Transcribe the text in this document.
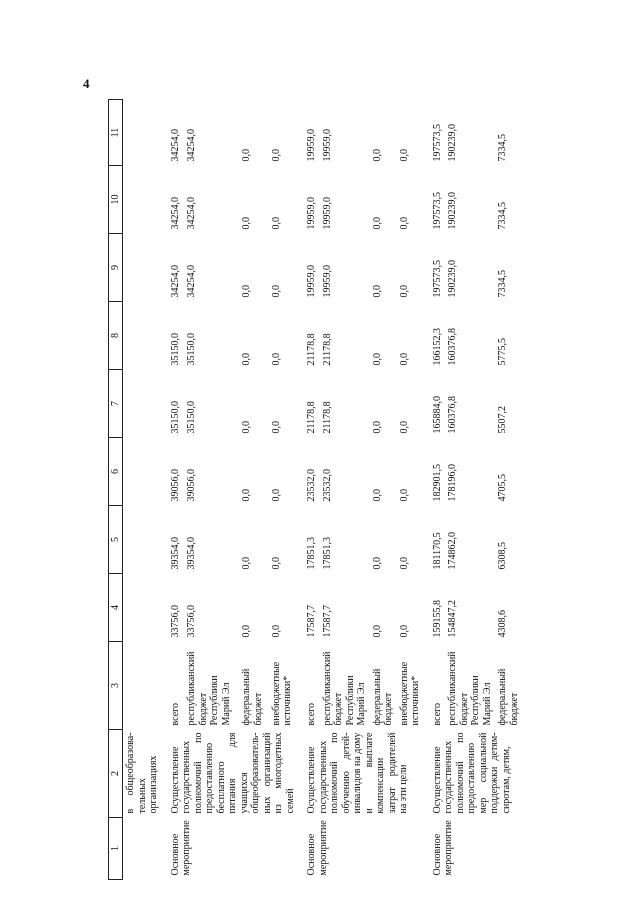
4
1	2	3	4	5	6	7	8	9	10	11
	в общеобразова-тельных организациях									

Основное мероприятие	Осуществление государственных полномочий по предоставлению бесплатного питания для учащихся общеобразователь-ных организаций из многодетных семей	всего	33756,0	39354,0	39056,0	35150,0	35150,0	34254,0	34254,0	34254,0
		республиканский бюджет Республики Марий Эл	33756,0	39354,0	39056,0	35150,0	35150,0	34254,0	34254,0	34254,0
		федеральный бюджет	0,0	0,0	0,0	0,0	0,0	0,0	0,0	0,0
		внебюджетные источники*	0,0	0,0	0,0	0,0	0,0	0,0	0,0	0,0

Основное мероприятие	Осуществление государственных полномочий по обучению детей-инвалидов на дому и выплате компенсации затрат родителей на эти цели	всего	17587,7	17851,3	23532,0	21178,8	21178,8	19959,0	19959,0	19959,0
		республиканский бюджет Республики Марий Эл	17587,7	17851,3	23532,0	21178,8	21178,8	19959,0	19959,0	19959,0
		федеральный бюджет	0,0	0,0	0,0	0,0	0,0	0,0	0,0	0,0
		внебюджетные источники*	0,0	0,0	0,0	0,0	0,0	0,0	0,0	0,0

Основное мероприятие	Осуществление государственных полномочий по предоставлению мер социальной поддержки детям-сиротам, детям,	всего	159155,8	181170,5	182901,5	165884,0	166152,3	197573,5	197573,5	197573,5
		республиканский бюджет Республики Марий Эл	154847,2	174862,0	178196,0	160376,8	160376,8	190239,0	190239,0	190239,0
		федеральный бюджет	4308,6	6308,5	4705,5	5507,2	5775,5	7334,5	7334,5	7334,5
